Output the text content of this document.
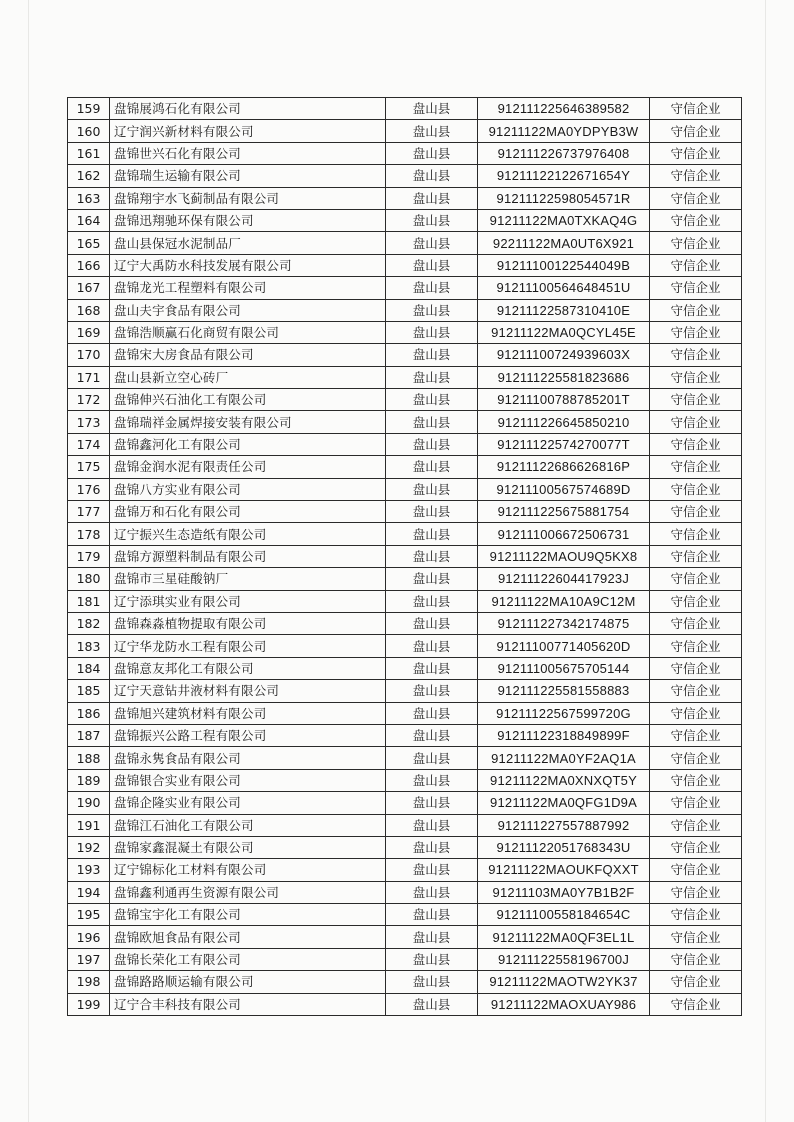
159	盘锦展鸿石化有限公司	盘山县	912111225646389582	守信企业
160	辽宁润兴新材料有限公司	盘山县	91211122MA0YDPYB3W	守信企业
161	盘锦世兴石化有限公司	盘山县	912111226737976408	守信企业
162	盘锦瑞生运输有限公司	盘山县	91211122122671654Y	守信企业
163	盘锦翔宇水飞蓟制品有限公司	盘山县	91211122598054571R	守信企业
164	盘锦迅翔驰环保有限公司	盘山县	91211122MA0TXKAQ4G	守信企业
165	盘山县保冠水泥制品厂	盘山县	92211122MA0UT6X921	守信企业
166	辽宁大禹防水科技发展有限公司	盘山县	91211100122544049B	守信企业
167	盘锦龙光工程塑料有限公司	盘山县	91211100564648451U	守信企业
168	盘山夫宇食品有限公司	盘山县	91211122587310410E	守信企业
169	盘锦浩顺赢石化商贸有限公司	盘山县	91211122MA0QCYL45E	守信企业
170	盘锦宋大房食品有限公司	盘山县	91211100724939603X	守信企业
171	盘山县新立空心砖厂	盘山县	912111225581823686	守信企业
172	盘锦伸兴石油化工有限公司	盘山县	91211100788785201T	守信企业
173	盘锦瑞祥金属焊接安装有限公司	盘山县	912111226645850210	守信企业
174	盘锦鑫河化工有限公司	盘山县	91211122574270077T	守信企业
175	盘锦金润水泥有限责任公司	盘山县	91211122686626816P	守信企业
176	盘锦八方实业有限公司	盘山县	91211100567574689D	守信企业
177	盘锦万和石化有限公司	盘山县	912111225675881754	守信企业
178	辽宁振兴生态造纸有限公司	盘山县	912111006672506731	守信企业
179	盘锦方源塑料制品有限公司	盘山县	91211122MAOU9Q5KX8	守信企业
180	盘锦市三星硅酸钠厂	盘山县	91211122604417923J	守信企业
181	辽宁添琪实业有限公司	盘山县	91211122MA10A9C12M	守信企业
182	盘锦森淼植物提取有限公司	盘山县	912111227342174875	守信企业
183	辽宁华龙防水工程有限公司	盘山县	91211100771405620D	守信企业
184	盘锦意友邦化工有限公司	盘山县	912111005675705144	守信企业
185	辽宁天意钻井液材料有限公司	盘山县	912111225581558883	守信企业
186	盘锦旭兴建筑材料有限公司	盘山县	91211122567599720G	守信企业
187	盘锦振兴公路工程有限公司	盘山县	91211122318849899F	守信企业
188	盘锦永隽食品有限公司	盘山县	91211122MA0YF2AQ1A	守信企业
189	盘锦银合实业有限公司	盘山县	91211122MA0XNXQT5Y	守信企业
190	盘锦企隆实业有限公司	盘山县	91211122MA0QFG1D9A	守信企业
191	盘锦江石油化工有限公司	盘山县	912111227557887992	守信企业
192	盘锦家鑫混凝土有限公司	盘山县	91211122051768343U	守信企业
193	辽宁锦标化工材料有限公司	盘山县	91211122MAOUKFQXXT	守信企业
194	盘锦鑫利通再生资源有限公司	盘山县	91211103MA0Y7B1B2F	守信企业
195	盘锦宝宇化工有限公司	盘山县	91211100558184654C	守信企业
196	盘锦欧旭食品有限公司	盘山县	91211122MA0QF3EL1L	守信企业
197	盘锦长荣化工有限公司	盘山县	91211122558196700J	守信企业
198	盘锦路路顺运输有限公司	盘山县	91211122MAOTW2YK37	守信企业
199	辽宁合丰科技有限公司	盘山县	91211122MAOXUAY986	守信企业
